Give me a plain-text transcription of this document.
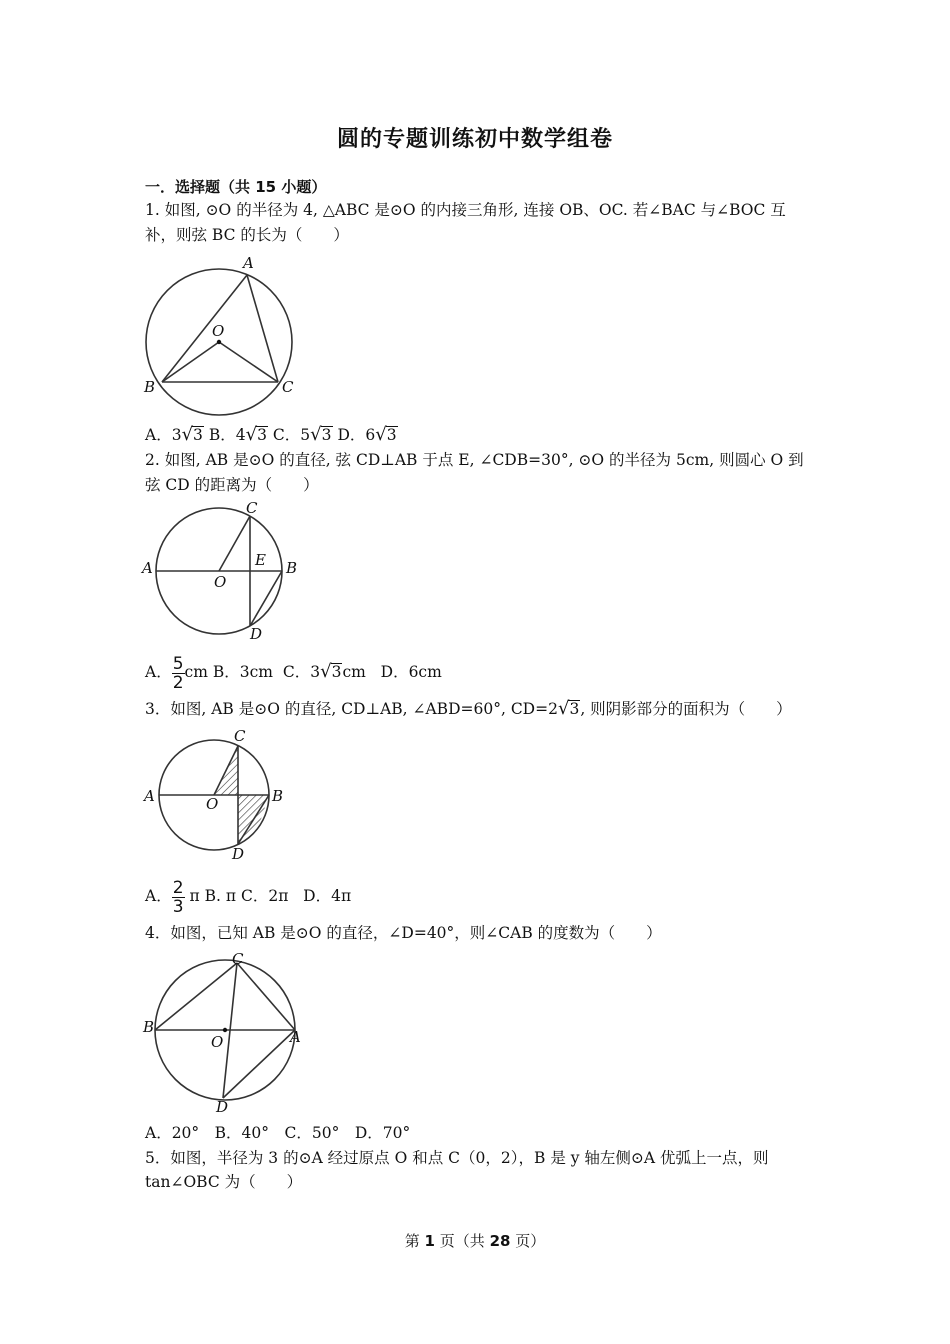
圆的专题训练初中数学组卷
一．选择题（共 15 小题）
1. 如图, ⊙O 的半径为 4, △ABC 是⊙O 的内接三角形, 连接 OB、OC. 若∠BAC 与∠BOC 互
补，则弦 BC 的长为（　　）
A
O
B	C
A．3√3 B．4√3 C．5√3 D．6√3
2. 如图, AB 是⊙O 的直径, 弦 CD⊥AB 于点 E, ∠CDB=30°, ⊙O 的半径为 5cm, 则圆心 O 到
弦 CD 的距离为（　　）
A
O
B
C
D
E
A． $\frac{5}{2}$ cm B．3cm C．3√3cm D．6cm
3．如图, AB 是⊙O 的直径, CD⊥AB, ∠ABD=60°, CD=2√3, 则阴影部分的面积为（　　）
A	O	B
C
D
A． $\frac{2}{3}$ π B. π C．2π D．4π
4．如图，已知 AB 是⊙O 的直径，∠D=40°，则∠CAB 的度数为（　　）
B
A
O
C
D
A．20°　B．40°　C．50°　D．70°
5．如图，半径为 3 的⊙A 经过原点 O 和点 C（0，2），B 是 y 轴左侧⊙A 优弧上一点，则
tan∠OBC 为（　　）
第 1 页（共 28 页）
